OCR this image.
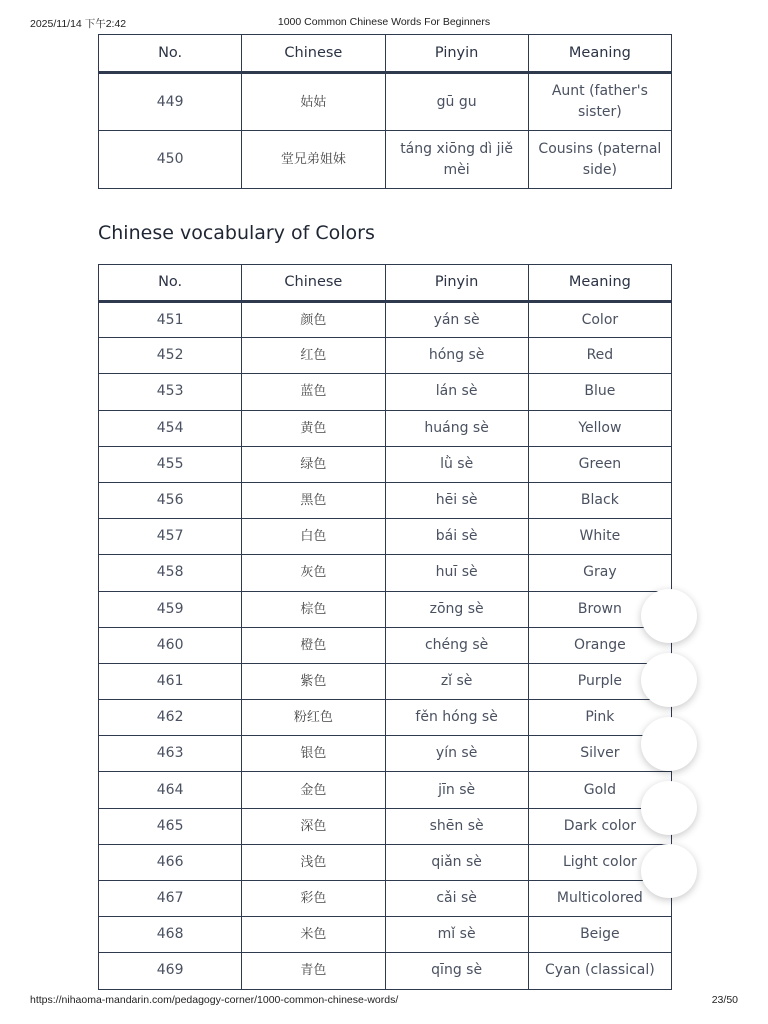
2025/11/14 下午2:42	1000 Common Chinese Words For Beginners
No.	Chinese	Pinyin	Meaning
449	姑姑	gū gu	Aunt (father's sister)
450	堂兄弟姐妹	táng xiōng dì jiě mèi	Cousins (paternal side)
Chinese vocabulary of Colors
No.	Chinese	Pinyin	Meaning
451	颜色	yán sè	Color
452	红色	hóng sè	Red
453	蓝色	lán sè	Blue
454	黄色	huáng sè	Yellow
455	绿色	lǜ sè	Green
456	黑色	hēi sè	Black
457	白色	bái sè	White
458	灰色	huī sè	Gray
459	棕色	zōng sè	Brown
460	橙色	chéng sè	Orange
461	紫色	zǐ sè	Purple
462	粉红色	fěn hóng sè	Pink
463	银色	yín sè	Silver
464	金色	jīn sè	Gold
465	深色	shēn sè	Dark color
466	浅色	qiǎn sè	Light color
467	彩色	cǎi sè	Multicolored
468	米色	mǐ sè	Beige
469	青色	qīng sè	Cyan (classical)
https://nihaoma-mandarin.com/pedagogy-corner/1000-common-chinese-words/	23/50
